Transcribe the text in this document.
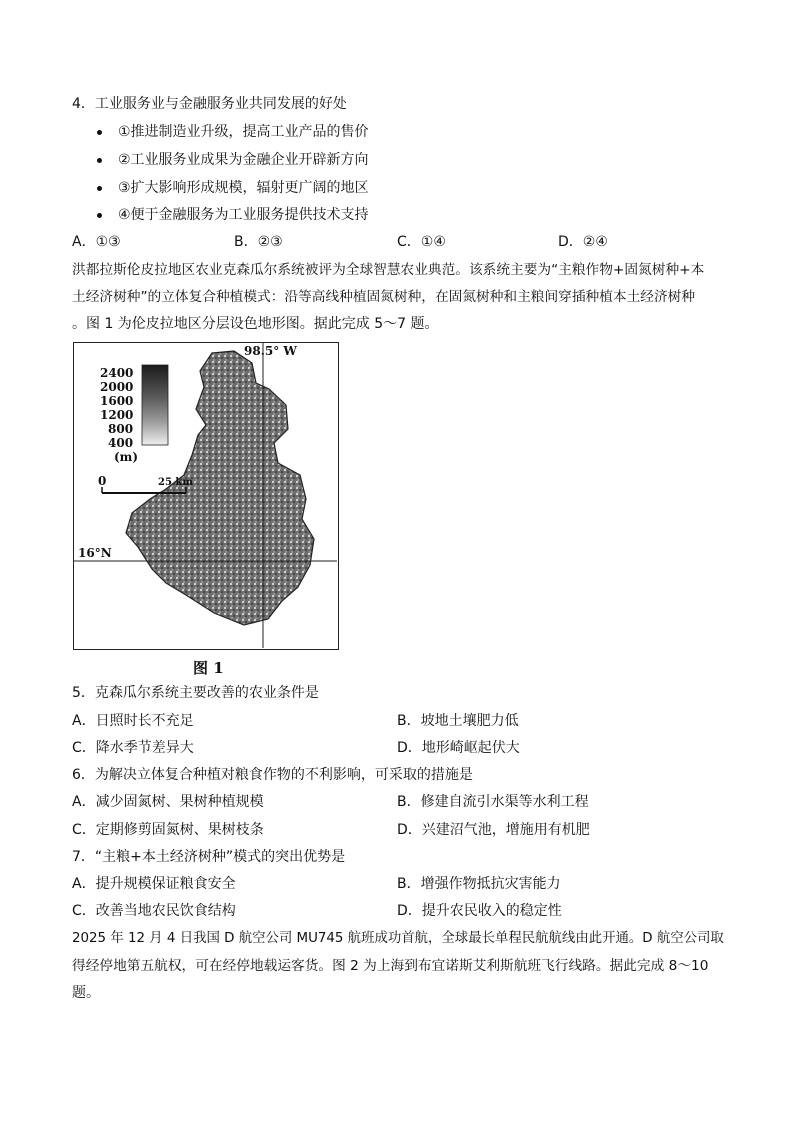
4．工业服务业与金融服务业共同发展的好处
①推进制造业升级，提高工业产品的售价
②工业服务业成果为金融企业开辟新方向
③扩大影响形成规模，辐射更广阔的地区
④便于金融服务为工业服务提供技术支持
A．①③	B．②③	C．①④	D．②④
洪都拉斯伦皮拉地区农业克森瓜尔系统被评为全球智慧农业典范。该系统主要为“主粮作物+固氮树种+本
土经济树种”的立体复合种植模式：沿等高线种植固氮树种，在固氮树种和主粮间穿插种植本土经济树种
。图 1 为伦皮拉地区分层设色地形图。据此完成 5～7 题。
2400
2000
1600
1200
800
400
(m)
0	25 km
98.5° W
16°N
图 1
5．克森瓜尔系统主要改善的农业条件是
A．日照时长不充足	B．坡地土壤肥力低
C．降水季节差异大	D．地形崎岖起伏大
6．为解决立体复合种植对粮食作物的不利影响，可采取的措施是
A．减少固氮树、果树种植规模	B．修建自流引水渠等水利工程
C．定期修剪固氮树、果树枝条	D．兴建沼气池，增施用有机肥
7．“主粮+本土经济树种”模式的突出优势是
A．提升规模保证粮食安全	B．增强作物抵抗灾害能力
C．改善当地农民饮食结构	D．提升农民收入的稳定性
2025 年 12 月 4 日我国 D 航空公司 MU745 航班成功首航，全球最长单程民航航线由此开通。D 航空公司取
得经停地第五航权，可在经停地载运客货。图 2 为上海到布宜诺斯艾利斯航班飞行线路。据此完成 8～10
题。
